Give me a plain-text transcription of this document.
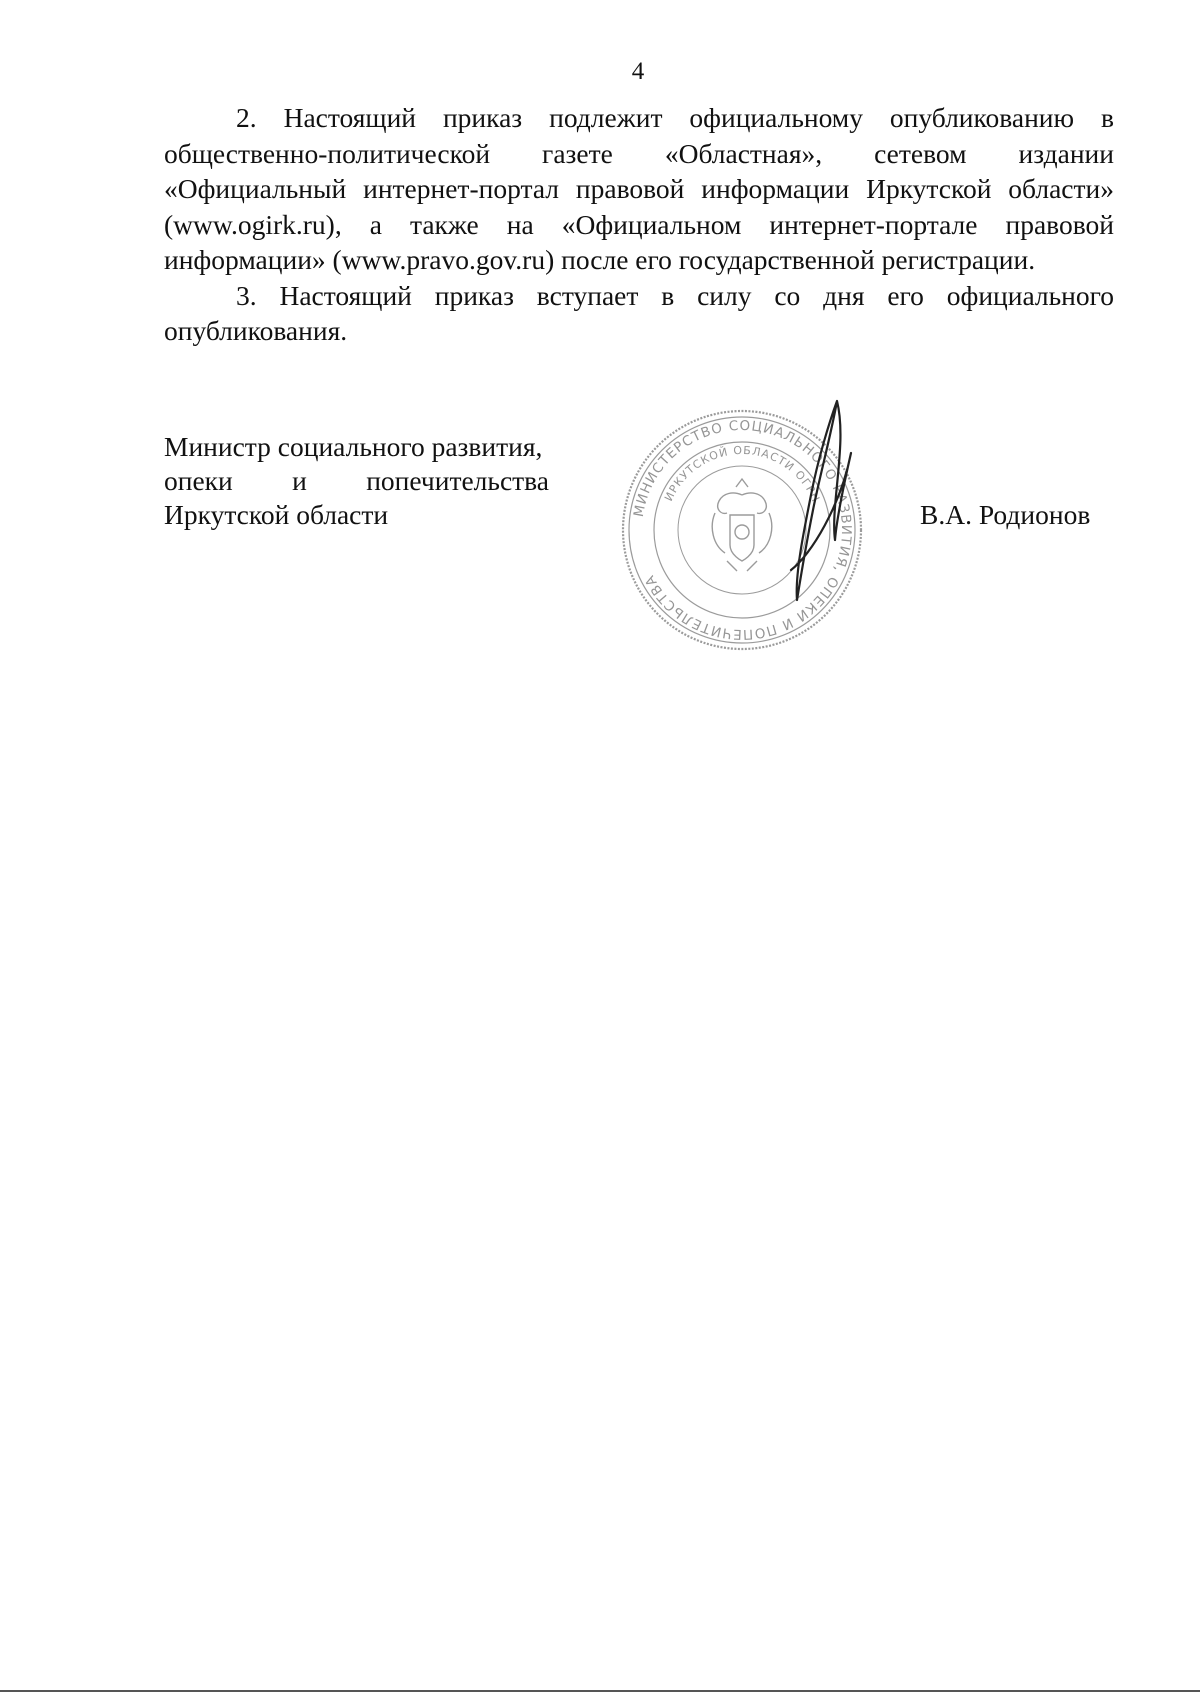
4

2. Настоящий приказ подлежит официальному опубликованию в общественно-политической газете «Областная», сетевом издании «Официальный интернет-портал правовой информации Иркутской области» (www.ogirk.ru), а также на «Официальном интернет-портале правовой информации» (www.pravo.gov.ru) после его государственной регистрации.

3. Настоящий приказ вступает в силу со дня его официального опубликования.

Министр социального развития,
опеки и попечительства
Иркутской области	МИНИСТЕРСТВО СОЦИАЛЬНОГО РАЗВИТИЯ, ОПЕКИ И ПОПЕЧИТЕЛЬСТВА
ИРКУТСКОЙ ОБЛАСТИ ОГРН
В.А. Родионов
